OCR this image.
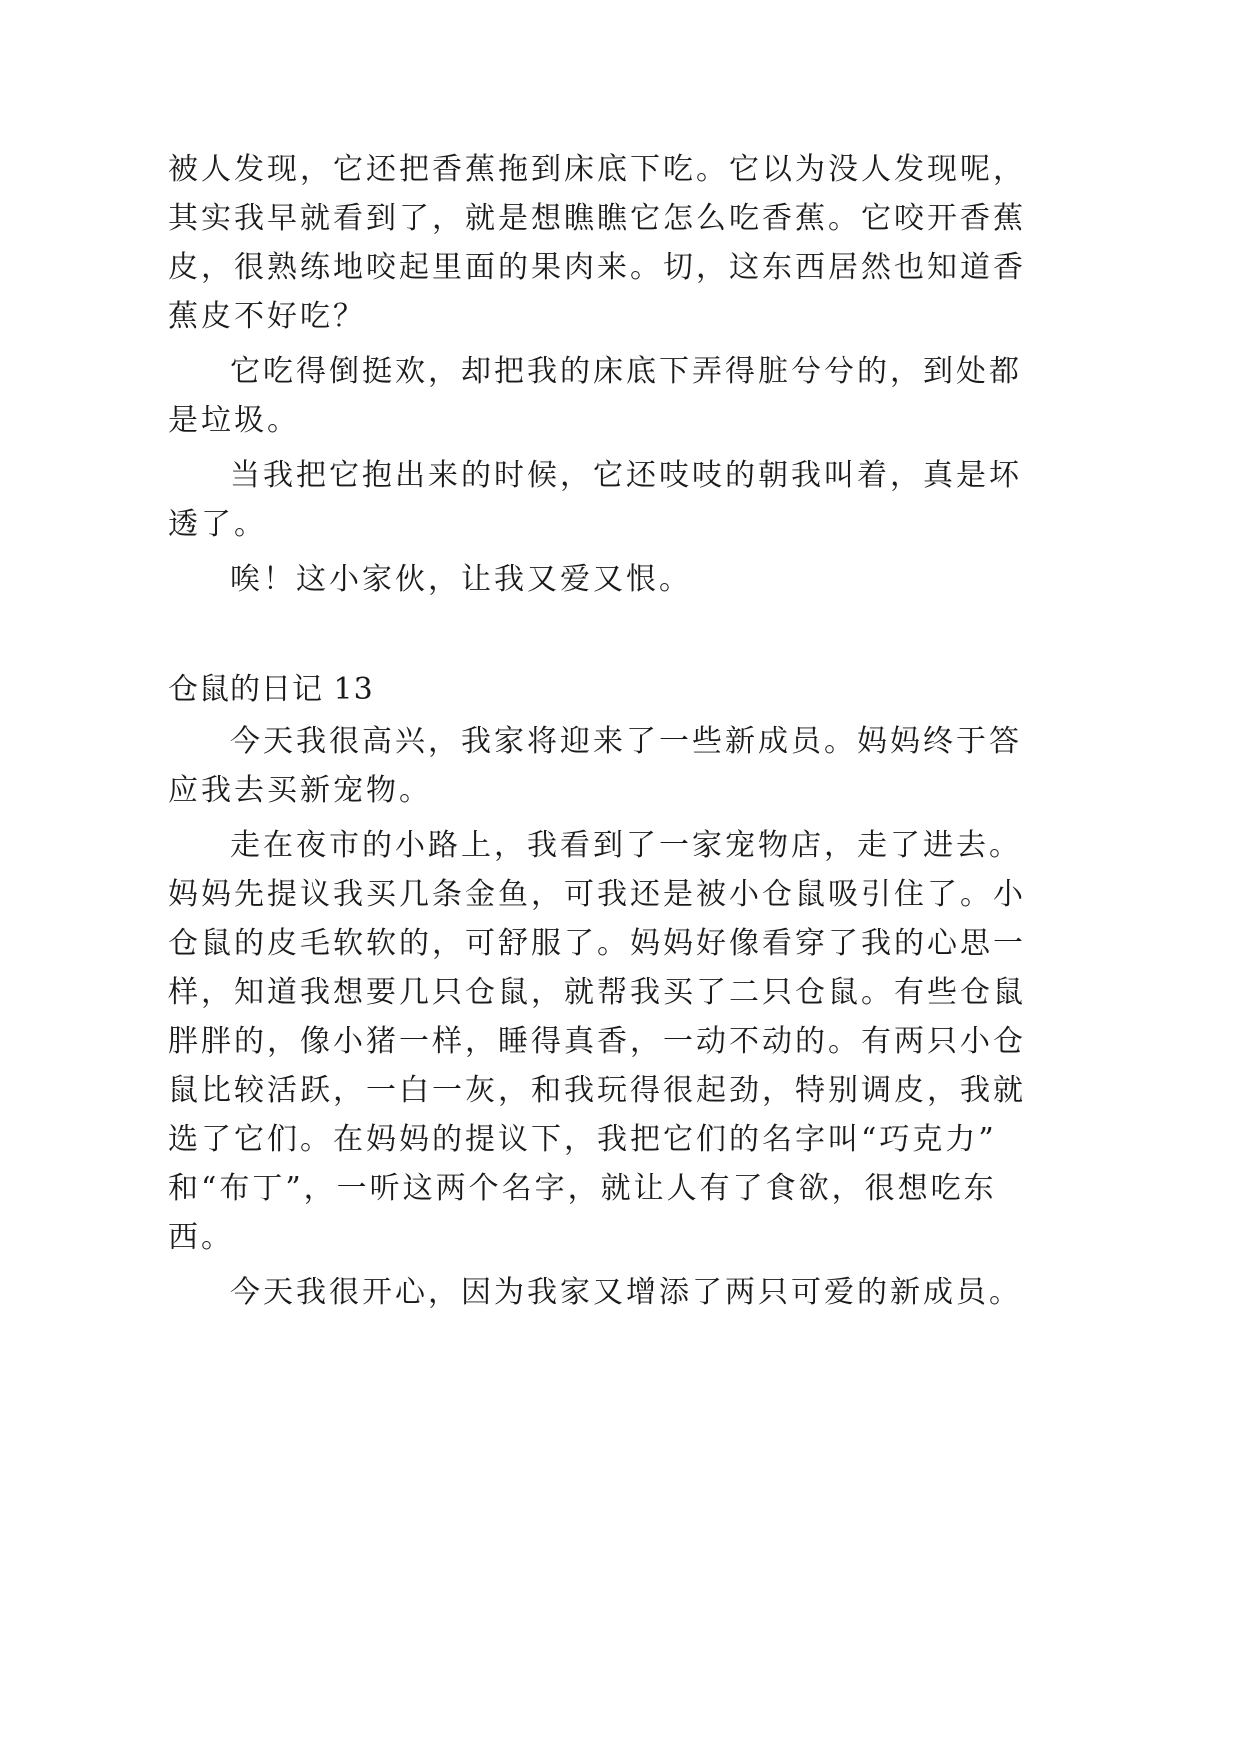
被人发现，它还把香蕉拖到床底下吃。它以为没人发现呢，
其实我早就看到了，就是想瞧瞧它怎么吃香蕉。它咬开香蕉
皮，很熟练地咬起里面的果肉来。切，这东西居然也知道香
蕉皮不好吃？
它吃得倒挺欢，却把我的床底下弄得脏兮兮的，到处都
是垃圾。
当我把它抱出来的时候，它还吱吱的朝我叫着，真是坏
透了。
唉！这小家伙，让我又爱又恨。
仓鼠的日记 13
今天我很高兴，我家将迎来了一些新成员。妈妈终于答
应我去买新宠物。
走在夜市的小路上，我看到了一家宠物店，走了进去。
妈妈先提议我买几条金鱼，可我还是被小仓鼠吸引住了。小
仓鼠的皮毛软软的，可舒服了。妈妈好像看穿了我的心思一
样，知道我想要几只仓鼠，就帮我买了二只仓鼠。有些仓鼠
胖胖的，像小猪一样，睡得真香，一动不动的。有两只小仓
鼠比较活跃，一白一灰，和我玩得很起劲，特别调皮，我就
选了它们。在妈妈的提议下，我把它们的名字叫“巧克力”
和“布丁”，一听这两个名字，就让人有了食欲，很想吃东
西。
今天我很开心，因为我家又增添了两只可爱的新成员。
